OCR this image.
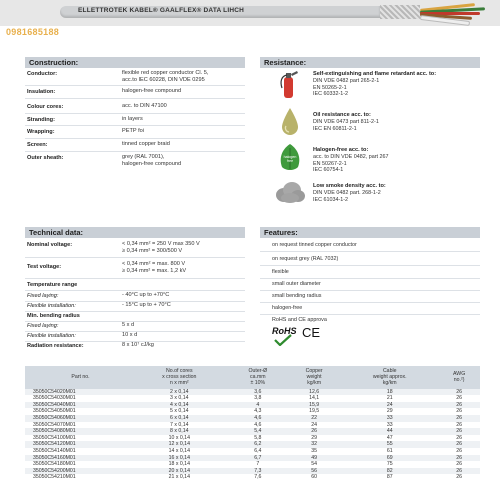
ELLETTROTEK KABEL® GAALFLEX® DATA LIHCH
0981685188
Construction:
Conductor:	flexible red copper conductor Cl. 5,
acc.to IEC 60228, DIN VDE 0295
Insulation:	halogen-free compound
Colour cores:	acc. to DIN 47100
Stranding:	in layers
Wrapping:	PETP foi
Screen:	tinned copper braid
Outer sheath:	grey (RAL 7001),
halogen-free compound
Resistance:
Self-extinguishing and flame retardant acc. to:
DIN VDE 0482 part 265-2-1
EN 50265-2-1
IEC 60332-1-2
Oil resistance acc. to:
DIN VDE 0473 part 811-2-1
IEC EN 60811-2-1
halogen
free
Halogen-free acc. to:
acc. to DIN VDE 0482, part 267
EN 50267-2-1
IEC 60754-1
Low smoke density acc. to:
DIN VDE 0482 part. 268-1-2
IEC 61034-1-2
Technical data:
Nominal voltage:	< 0,34 mm² = 250 V max 350 V
≥ 0,34 mm² = 300/500 V
Test voltage:	< 0,34 mm² = max. 800 V
≥ 0,34 mm² = max. 1,2 kV
Temperature range
Fixed laying:	- 40°C up to +70°C
Flexible installation:	- 15°C up to + 70°C
Min. bending radius
Fixed laying:	5 x d
Flexible installation:	10 x d
Radiation resistance:	8 x 10⁷ cJ/kg
Features:
on request tinned copper conductor
on request grey (RAL 7032)
flexible
small outer diameter
small bending radius
halogen-free
RoHS and CE approva
RoHS CE
Part no.	No.of cores
x cross section
n x mm²	Outer-Ø
ca.mm
± 10%	Copper
weight
kg/km	Cable
weight approx.
kg/km	AWG
no.²)
35050C54020M01	2 x 0,14	3,6	12,6	18	26
35050C54030M01	3 x 0,14	3,8	14,1	21	26
35050C54040M01	4 x 0,14	4	15,9	24	26
35050C54050M01	5 x 0,14	4,3	19,5	29	26
35050C54060M01	6 x 0,14	4,6	22	33	26
35050C54070M01	7 x 0,14	4,6	24	33	26
35050C54080M01	8 x 0,14	5,4	26	44	26
35050C54100M01	10 x 0,14	5,8	29	47	26
35050C54120M01	12 x 0,14	6,2	32	55	26
35050C54140M01	14 x 0,14	6,4	35	61	26
35050C54160M01	16 x 0,14	6,7	49	69	26
35050C54180M01	18 x 0,14	7	54	75	26
35050C54200M01	20 x 0,14	7,3	56	82	26
35050C54210M01	21 x 0,14	7,6	60	87	26
